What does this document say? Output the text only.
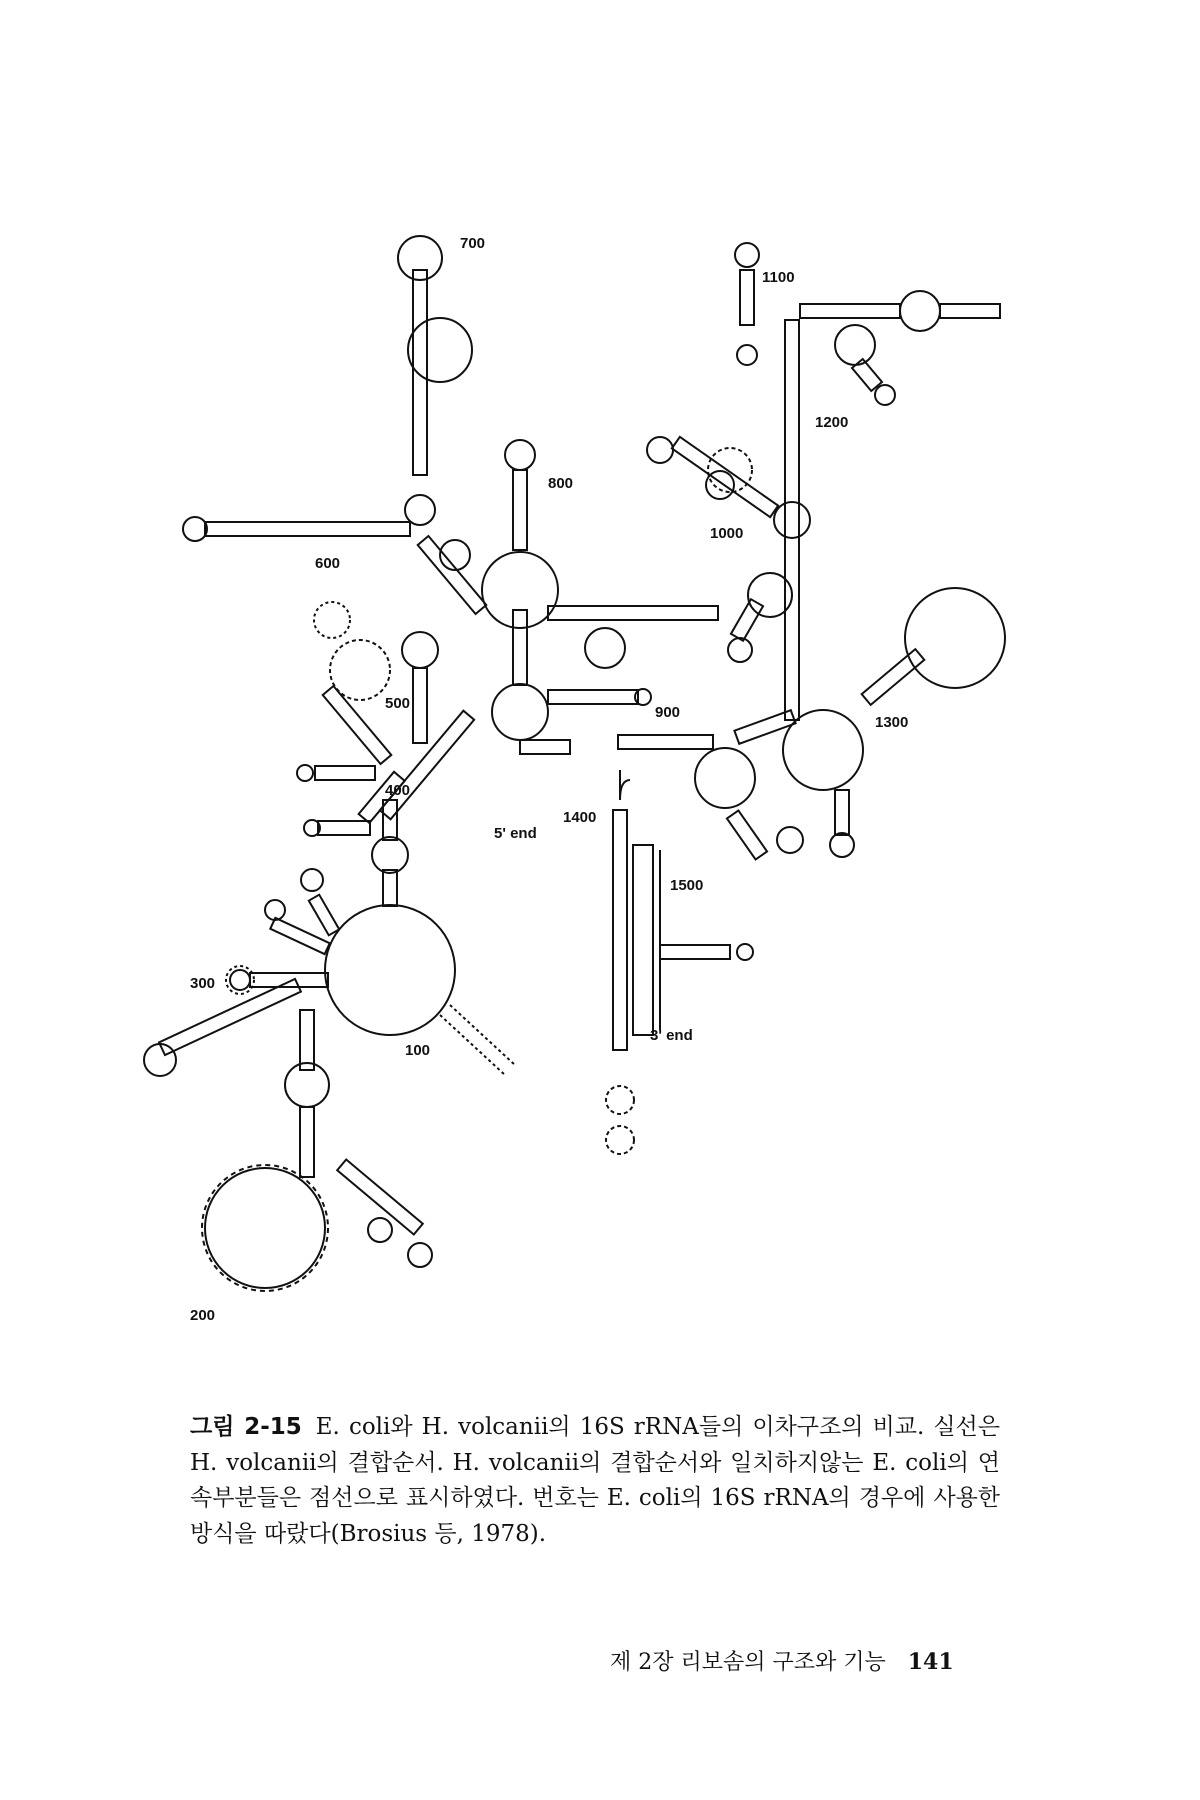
700
1100
1200
800
600
1000
500
900
1300
400
1400
5' end
1500
300
100
3' end
200
그림 2-15 E. coli와 H. volcanii의 16S rRNA들의 이차구조의 비교. 실선은 H. volcanii의 결합순서. H. volcanii의 결합순서와 일치하지않는 E. coli의 연속부분들은 점선으로 표시하였다. 번호는 E. coli의 16S rRNA의 경우에 사용한 방식을 따랐다(Brosius 등, 1978).
제 2장 리보솜의 구조와 기능 141
